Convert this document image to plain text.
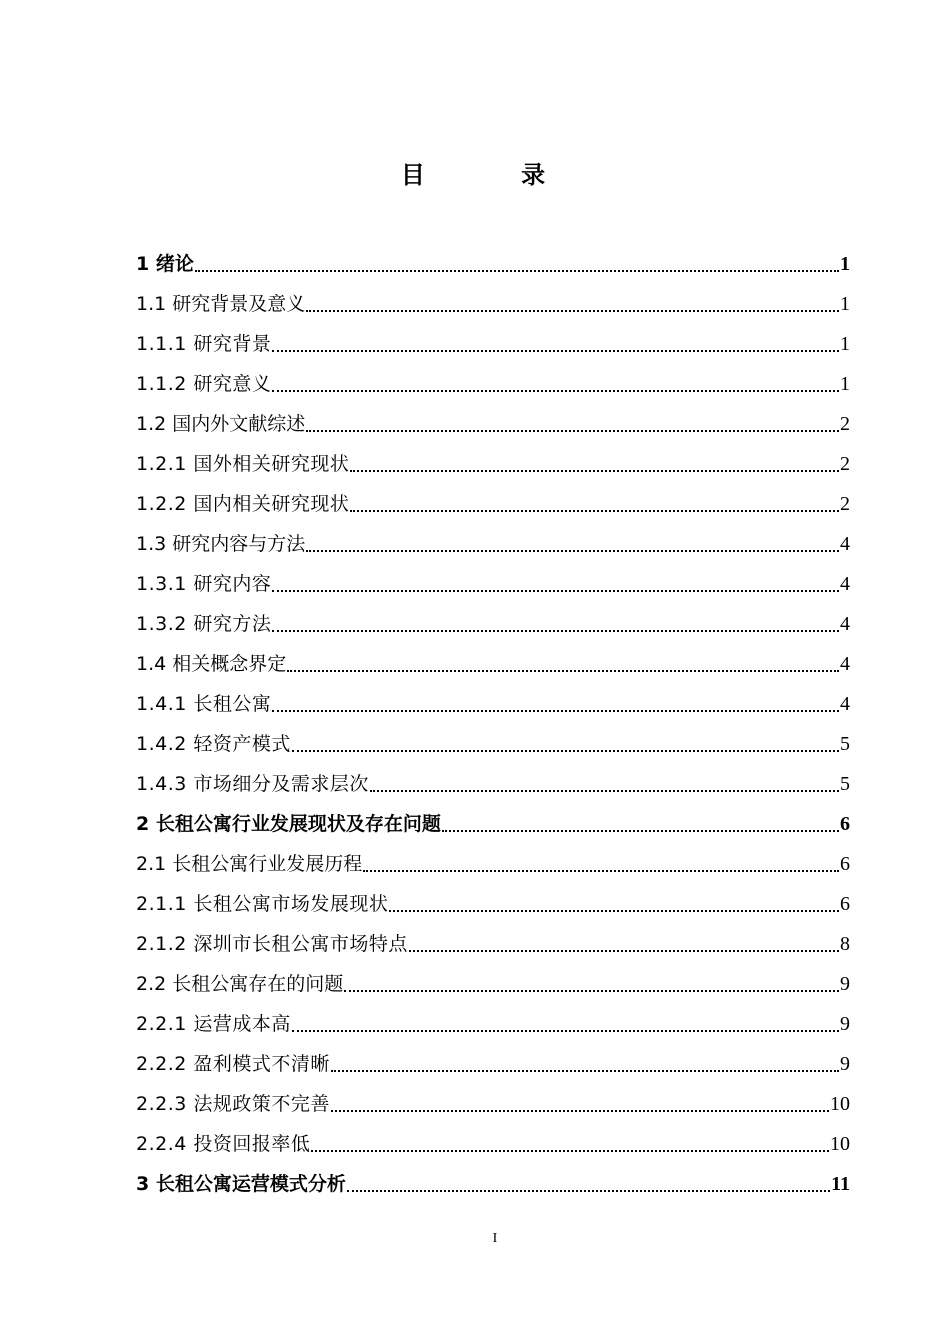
目 录
1 绪论	1
1.1 研究背景及意义	1
1.1.1 研究背景	1
1.1.2 研究意义	1
1.2 国内外文献综述	2
1.2.1 国外相关研究现状	2
1.2.2 国内相关研究现状	2
1.3 研究内容与方法	4
1.3.1 研究内容	4
1.3.2 研究方法	4
1.4 相关概念界定	4
1.4.1 长租公寓	4
1.4.2 轻资产模式	5
1.4.3 市场细分及需求层次	5
2 长租公寓行业发展现状及存在问题	6
2.1 长租公寓行业发展历程	6
2.1.1 长租公寓市场发展现状	6
2.1.2 深圳市长租公寓市场特点	8
2.2 长租公寓存在的问题	9
2.2.1 运营成本高	9
2.2.2 盈利模式不清晰	9
2.2.3 法规政策不完善	10
2.2.4 投资回报率低	10
3 长租公寓运营模式分析	11
I
